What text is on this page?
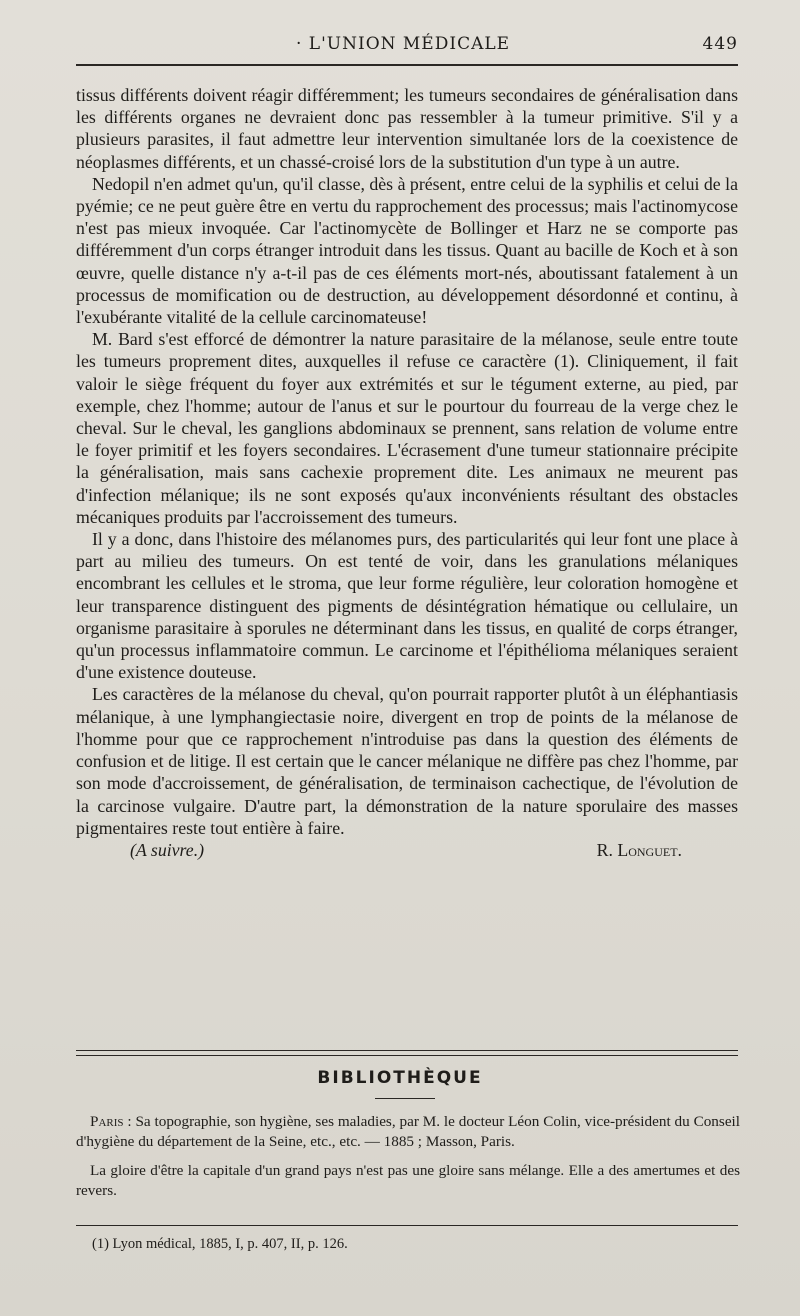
· L'UNION MÉDICALE	449

tissus différents doivent réagir différemment; les tumeurs secondaires de généralisation dans les différents organes ne devraient donc pas ressembler à la tumeur primitive. S'il y a plusieurs parasites, il faut admettre leur intervention simultanée lors de la coexistence de néoplasmes différents, et un chassé-croisé lors de la substitution d'un type à un autre.

Nedopil n'en admet qu'un, qu'il classe, dès à présent, entre celui de la syphilis et celui de la pyémie; ce ne peut guère être en vertu du rapprochement des processus; mais l'actinomycose n'est pas mieux invoquée. Car l'actinomycète de Bollinger et Harz ne se comporte pas différemment d'un corps étranger introduit dans les tissus. Quant au bacille de Koch et à son œuvre, quelle distance n'y a-t-il pas de ces éléments mort-nés, aboutissant fatalement à un processus de momification ou de destruction, au développement désordonné et continu, à l'exubérante vitalité de la cellule carcinomateuse!

M. Bard s'est efforcé de démontrer la nature parasitaire de la mélanose, seule entre toute les tumeurs proprement dites, auxquelles il refuse ce caractère (1). Cliniquement, il fait valoir le siège fréquent du foyer aux extrémités et sur le tégument externe, au pied, par exemple, chez l'homme; autour de l'anus et sur le pourtour du fourreau de la verge chez le cheval. Sur le cheval, les ganglions abdominaux se prennent, sans relation de volume entre le foyer primitif et les foyers secondaires. L'écrasement d'une tumeur stationnaire précipite la généralisation, mais sans cachexie proprement dite. Les animaux ne meurent pas d'infection mélanique; ils ne sont exposés qu'aux inconvénients résultant des obstacles mécaniques produits par l'accroissement des tumeurs.

Il y a donc, dans l'histoire des mélanomes purs, des particularités qui leur font une place à part au milieu des tumeurs. On est tenté de voir, dans les granulations mélaniques encombrant les cellules et le stroma, que leur forme régulière, leur coloration homogène et leur transparence distinguent des pigments de désintégration hématique ou cellulaire, un organisme parasitaire à sporules ne déterminant dans les tissus, en qualité de corps étranger, qu'un processus inflammatoire commun. Le carcinome et l'épithélioma mélaniques seraient d'une existence douteuse.

Les caractères de la mélanose du cheval, qu'on pourrait rapporter plutôt à un éléphantiasis mélanique, à une lymphangiectasie noire, divergent en trop de points de la mélanose de l'homme pour que ce rapprochement n'introduise pas dans la question des éléments de confusion et de litige. Il est certain que le cancer mélanique ne diffère pas chez l'homme, par son mode d'accroissement, de généralisation, de terminaison cachectique, de l'évolution de la carcinose vulgaire. D'autre part, la démonstration de la nature sporulaire des masses pigmentaires reste tout entière à faire.

(A suivre.)	R. Longuet.
BIBLIOTHÈQUE

Paris : Sa topographie, son hygiène, ses maladies, par M. le docteur Léon Colin, vice-président du Conseil d'hygiène du département de la Seine, etc., etc. — 1885 ; Masson, Paris.

La gloire d'être la capitale d'un grand pays n'est pas une gloire sans mélange. Elle a des amertumes et des revers.

(1) Lyon médical, 1885, I, p. 407, II, p. 126.
